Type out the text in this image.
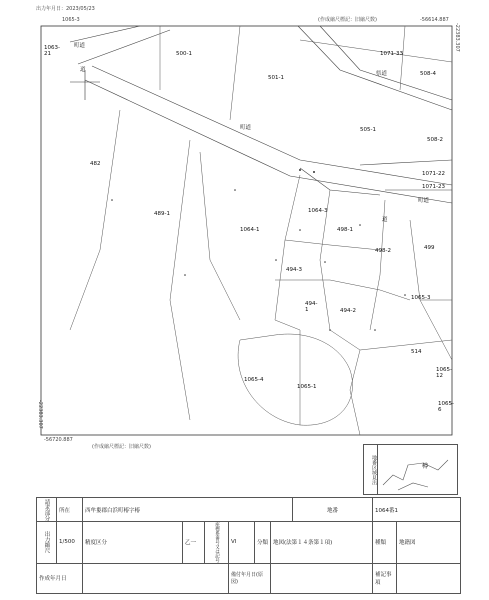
出力年月日：2023/05/23
1065-3	(作成縮尺標記：旧縮尺数)	-56614.887
-22383.307
-22383.307
-56720.887
(作成縮尺標記：旧縮尺数)
1063-21
町道
道
500-1
501-1
県道
1071-33
508-4
町道	505-1
508-2
482
1071-22
1071-23
町道
489-1
1064-1
1064-3
498-1
道
498-2	499
494-3
494-1	494-2
1065-3
514
1065-4
1065-1
1065-12
1065-6
地番区域見出	樽
請求部分	所在	西牟婁郡白浜町椿字椿						地番	1064番1	
出力縮尺	1/500	精度区分	乙一	座標系番号又は記号	VI	分類	地図(法第１４条第１項)		種類	地籍図
作成年月日					備付年月日(原図)				補記事項	
